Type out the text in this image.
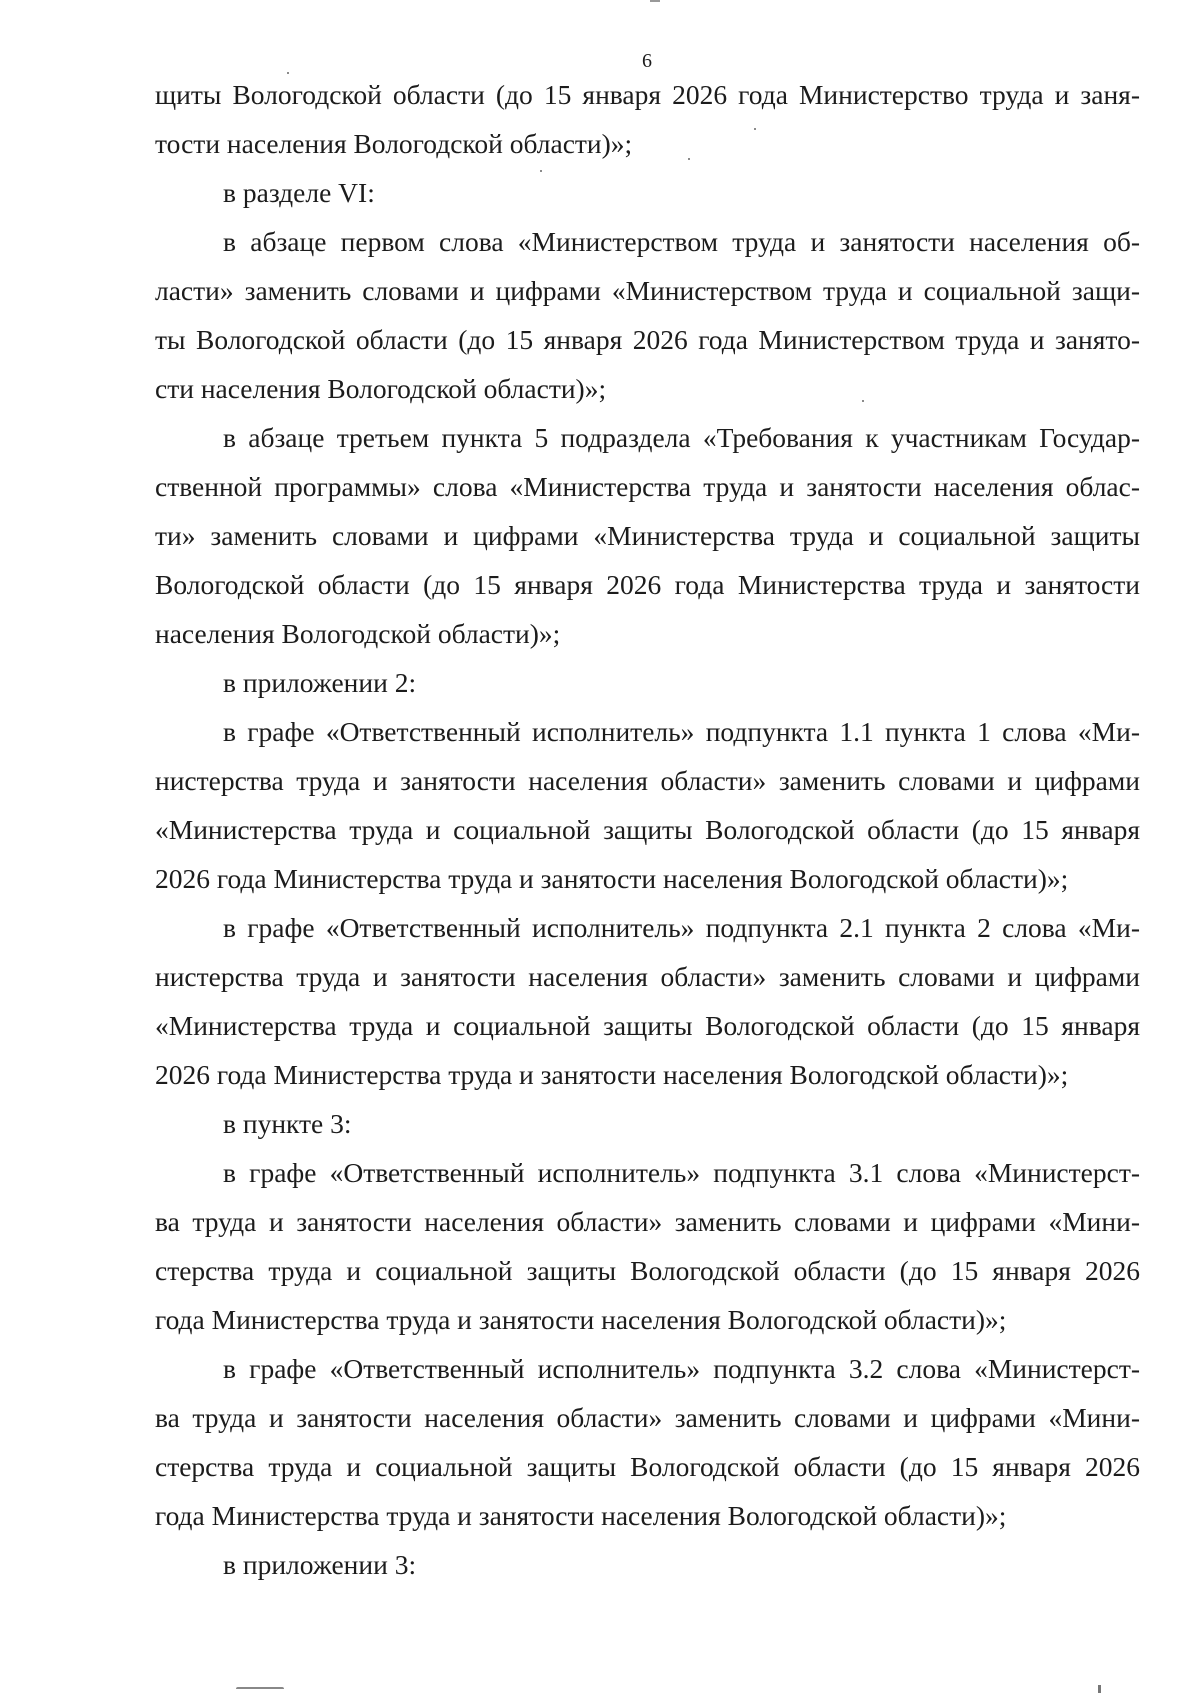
6
щиты Вологодской области (до 15 января 2026 года Министерство труда и заня-
тости населения Вологодской области)»;
в разделе VI:
в абзаце первом слова «Министерством труда и занятости населения об-
ласти» заменить словами и цифрами «Министерством труда и социальной защи-
ты Вологодской области (до 15 января 2026 года Министерством труда и занято-
сти населения Вологодской области)»;
в абзаце третьем пункта 5 подраздела «Требования к участникам Государ-
ственной программы» слова «Министерства труда и занятости населения облас-
ти» заменить словами и цифрами «Министерства труда и социальной защиты
Вологодской области (до 15 января 2026 года Министерства труда и занятости
населения Вологодской области)»;
в приложении 2:
в графе «Ответственный исполнитель» подпункта 1.1 пункта 1 слова «Ми-
нистерства труда и занятости населения области» заменить словами и цифрами
«Министерства труда и социальной защиты Вологодской области (до 15 января
2026 года Министерства труда и занятости населения Вологодской области)»;
в графе «Ответственный исполнитель» подпункта 2.1 пункта 2 слова «Ми-
нистерства труда и занятости населения области» заменить словами и цифрами
«Министерства труда и социальной защиты Вологодской области (до 15 января
2026 года Министерства труда и занятости населения Вологодской области)»;
в пункте 3:
в графе «Ответственный исполнитель» подпункта 3.1 слова «Министерст-
ва труда и занятости населения области» заменить словами и цифрами «Мини-
стерства труда и социальной защиты Вологодской области (до 15 января 2026
года Министерства труда и занятости населения Вологодской области)»;
в графе «Ответственный исполнитель» подпункта 3.2 слова «Министерст-
ва труда и занятости населения области» заменить словами и цифрами «Мини-
стерства труда и социальной защиты Вологодской области (до 15 января 2026
года Министерства труда и занятости населения Вологодской области)»;
в приложении 3:
